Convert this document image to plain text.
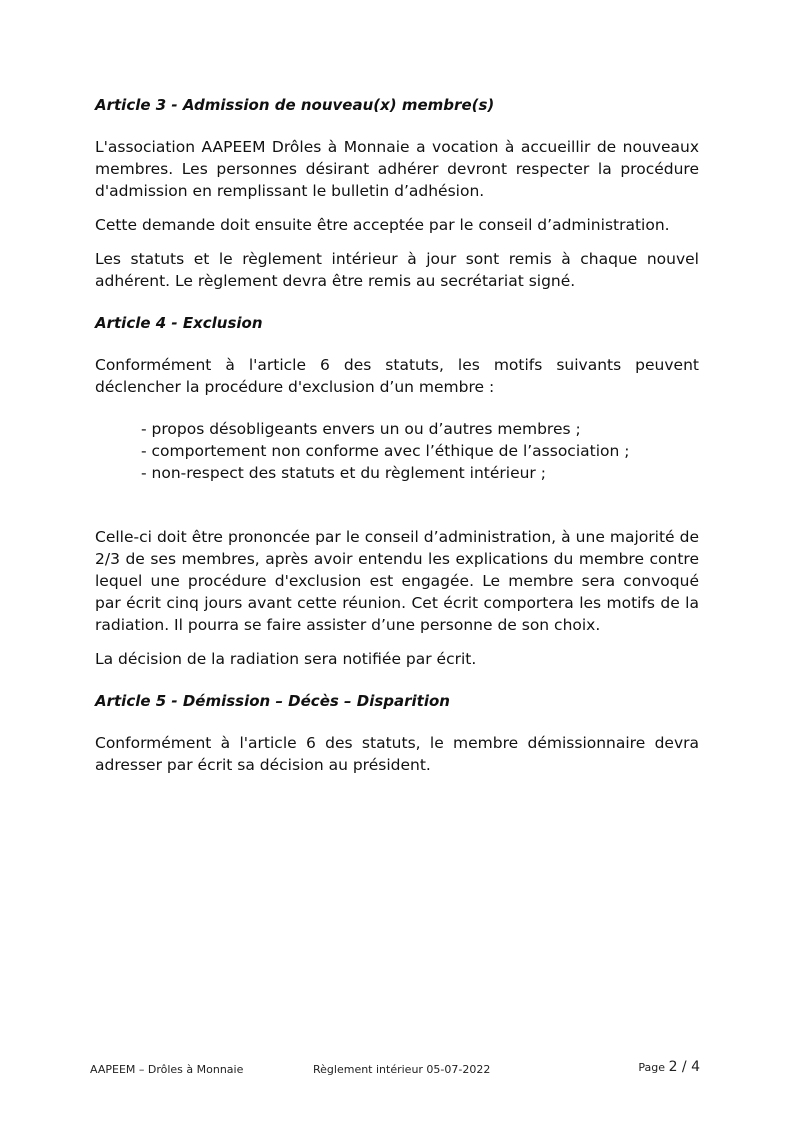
Article 3 - Admission de nouveau(x) membre(s)

L'association AAPEEM Drôles à Monnaie a vocation à accueillir de nouveaux membres. Les personnes désirant adhérer devront respecter la procédure d'admission en remplissant le bulletin d’adhésion.

Cette demande doit ensuite être acceptée par le conseil d’administration.

Les statuts et le règlement intérieur à jour sont remis à chaque nouvel adhérent. Le règlement devra être remis au secrétariat signé.

Article 4 - Exclusion

Conformément à l'article 6 des statuts, les motifs suivants peuvent déclencher la procédure d'exclusion d’un membre :

- propos désobligeants envers un ou d’autres membres ;
- comportement non conforme avec l’éthique de l’association ;
- non-respect des statuts et du règlement intérieur ;

Celle-ci doit être prononcée par le conseil d’administration, à une majorité de 2/3 de ses membres, après avoir entendu les explications du membre contre lequel une procédure d'exclusion est engagée. Le membre sera convoqué par écrit cinq jours avant cette réunion. Cet écrit comportera les motifs de la radiation. Il pourra se faire assister d’une personne de son choix.

La décision de la radiation sera notifiée par écrit.

Article 5 - Démission – Décès – Disparition

Conformément à l'article 6 des statuts, le membre démissionnaire devra adresser par écrit sa décision au président.

AAPEEM – Drôles à Monnaie	Règlement intérieur 05-07-2022	Page 2 / 4
